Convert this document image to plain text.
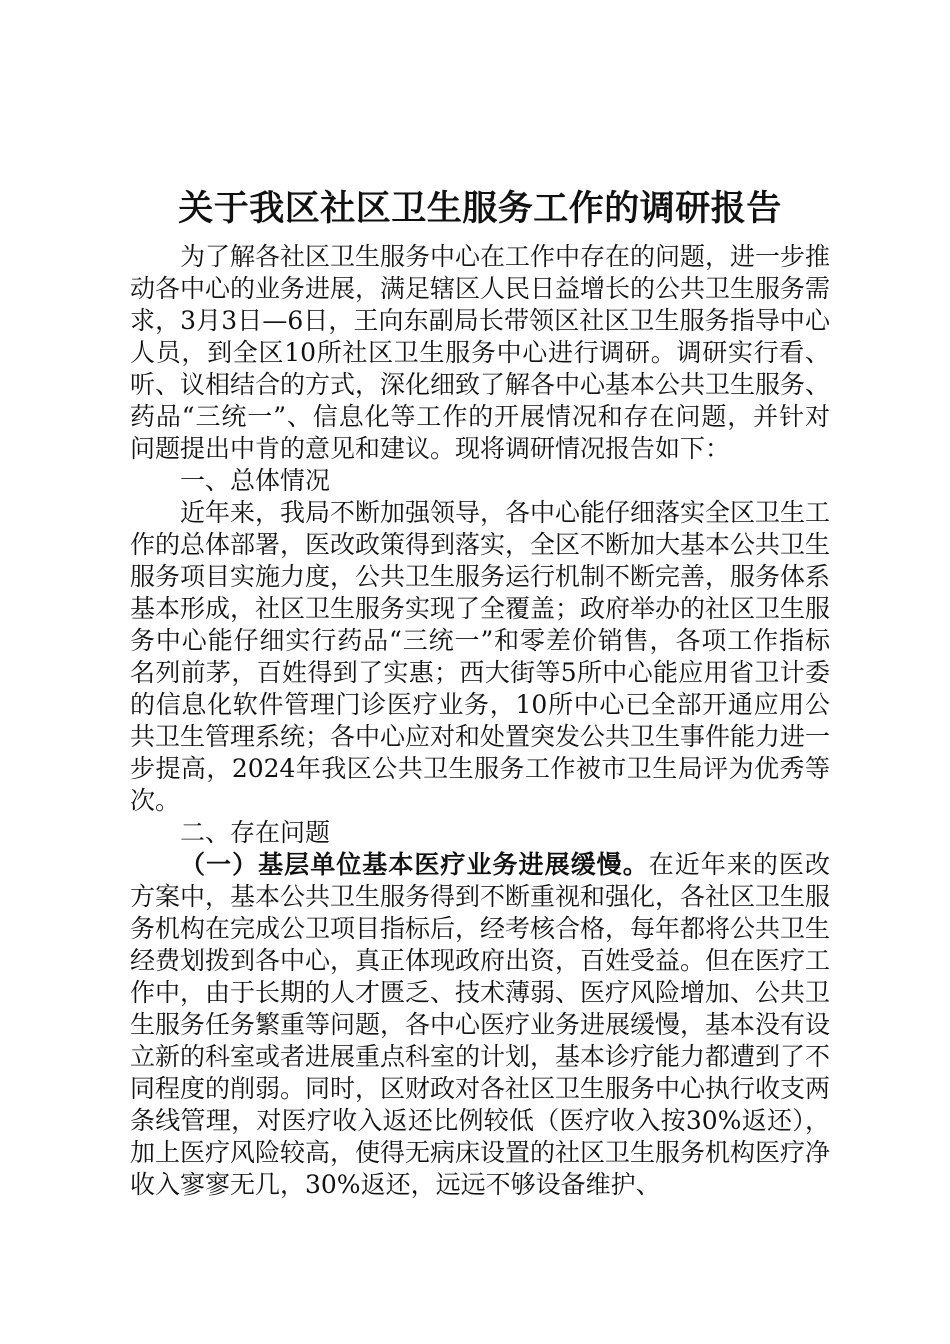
关于我区社区卫生服务工作的调研报告

为了解各社区卫生服务中心在工作中存在的问题，进一步推动各中心的业务进展，满足辖区人民日益增长的公共卫生服务需求，3月3日—6日，王向东副局长带领区社区卫生服务指导中心人员，到全区10所社区卫生服务中心进行调研。调研实行看、听、议相结合的方式，深化细致了解各中心基本公共卫生服务、药品“三统一”、信息化等工作的开展情况和存在问题，并针对问题提出中肯的意见和建议。现将调研情况报告如下：

一、总体情况

近年来，我局不断加强领导，各中心能仔细落实全区卫生工作的总体部署，医改政策得到落实，全区不断加大基本公共卫生服务项目实施力度，公共卫生服务运行机制不断完善，服务体系基本形成，社区卫生服务实现了全覆盖；政府举办的社区卫生服务中心能仔细实行药品“三统一”和零差价销售，各项工作指标名列前茅，百姓得到了实惠；西大街等5所中心能应用省卫计委的信息化软件管理门诊医疗业务，10所中心已全部开通应用公共卫生管理系统；各中心应对和处置突发公共卫生事件能力进一步提高，2024年我区公共卫生服务工作被市卫生局评为优秀等次。

二、存在问题

（一）基层单位基本医疗业务进展缓慢。在近年来的医改方案中，基本公共卫生服务得到不断重视和强化，各社区卫生服务机构在完成公卫项目指标后，经考核合格，每年都将公共卫生经费划拨到各中心，真正体现政府出资，百姓受益。但在医疗工作中，由于长期的人才匮乏、技术薄弱、医疗风险增加、公共卫生服务任务繁重等问题，各中心医疗业务进展缓慢，基本没有设立新的科室或者进展重点科室的计划，基本诊疗能力都遭到了不同程度的削弱。同时，区财政对各社区卫生服务中心执行收支两条线管理，对医疗收入返还比例较低（医疗收入按30%返还），加上医疗风险较高，使得无病床设置的社区卫生服务机构医疗净收入寥寥无几，30%返还，远远不够设备维护、
